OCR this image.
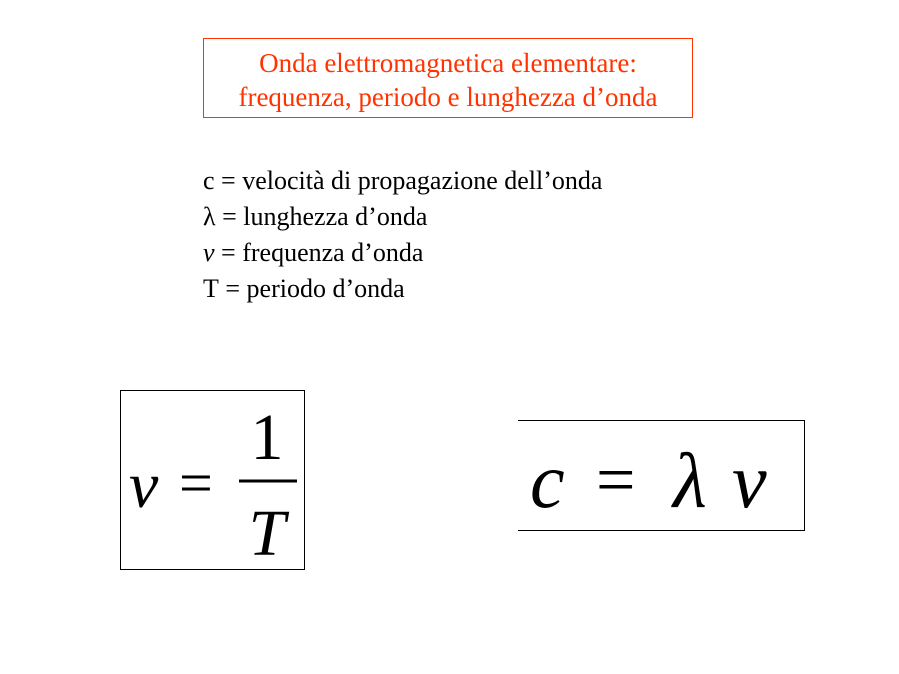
Onda elettromagnetica elementare:
frequenza, periodo e lunghezza d’onda
c = velocità di propagazione dell’onda
λ = lunghezza d’onda
ν = frequenza d’onda
T = periodo d’onda
ν =
1
T
c = λ ν
